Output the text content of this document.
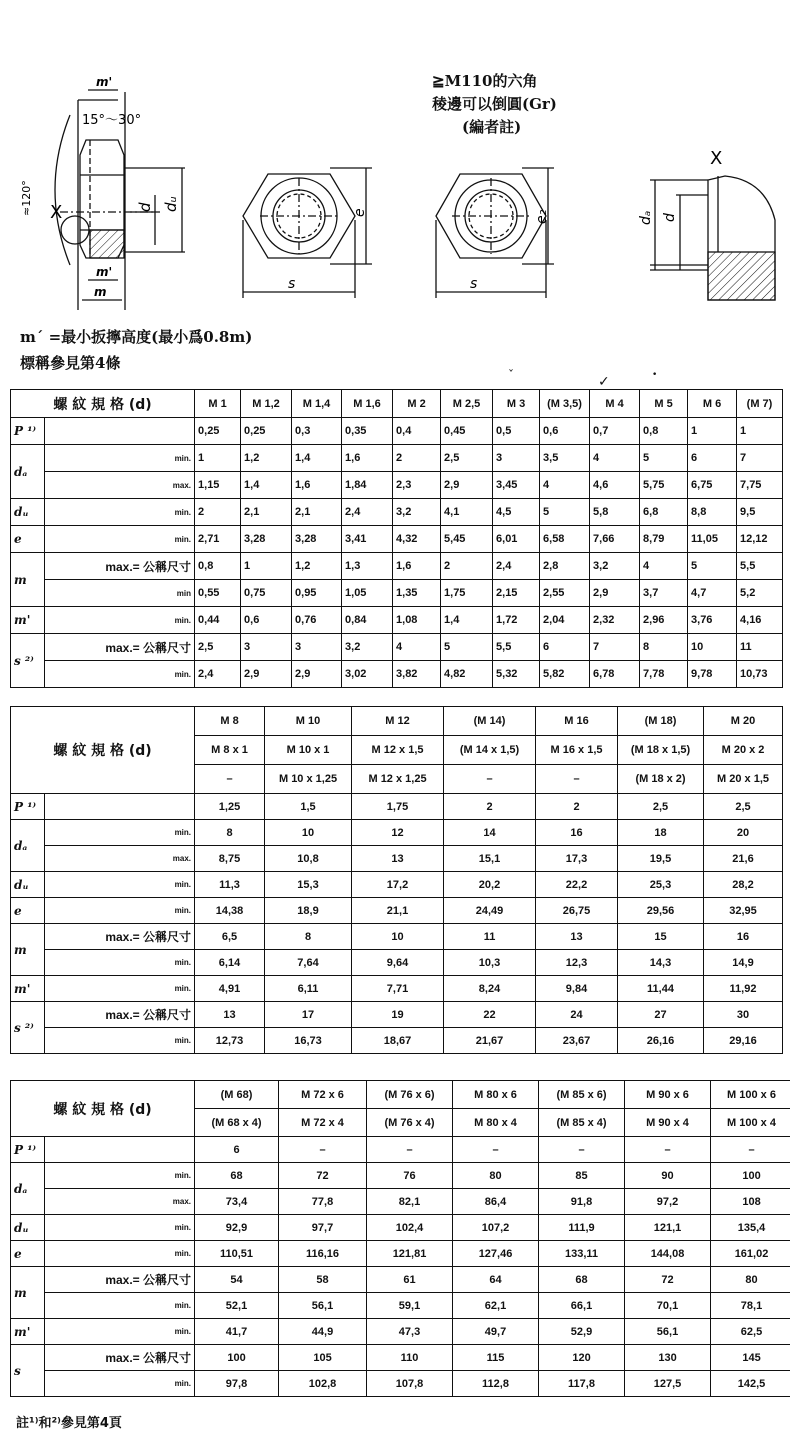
m'
15°～30°
≈120° X	d dᵤ
m'
m
e
s
e₂
s
X
dₐ d
≧M110的六角
稜邊可以倒圓(Gr)
(編者註)
m´ =最小扳擰高度(最小爲0.8m)
標稱參見第4條
ˇ	✓	•
螺 紋 規 格 (d)		M 1	M 1,2	M 1,4	M 1,6	M 2	M 2,5	M 3	(M 3,5)	M 4	M 5	M 6	(M 7)
P ¹⁾		0,25	0,25	0,3	0,35	0,4	0,45	0,5	0,6	0,7	0,8	1	1
dₐ	min.	1	1,2	1,4	1,6	2	2,5	3	3,5	4	5	6	7
	max.	1,15	1,4	1,6	1,84	2,3	2,9	3,45	4	4,6	5,75	6,75	7,75
dᵤ	min.	2	2,1	2,1	2,4	3,2	4,1	4,5	5	5,8	6,8	8,8	9,5
e	min.	2,71	3,28	3,28	3,41	4,32	5,45	6,01	6,58	7,66	8,79	11,05	12,12
m	max.= 公稱尺寸	0,8	1	1,2	1,3	1,6	2	2,4	2,8	3,2	4	5	5,5
	min	0,55	0,75	0,95	1,05	1,35	1,75	2,15	2,55	2,9	3,7	4,7	5,2
m'	min.	0,44	0,6	0,76	0,84	1,08	1,4	1,72	2,04	2,32	2,96	3,76	4,16
s ²⁾	max.= 公稱尺寸	2,5	3	3	3,2	4	5	5,5	6	7	8	10	11
	min.	2,4	2,9	2,9	3,02	3,82	4,82	5,32	5,82	6,78	7,78	9,78	10,73
螺 紋 規 格 (d)		M 8	M 10	M 12	(M 14)	M 16	(M 18)	M 20
		M 8 x 1	M 10 x 1	M 12 x 1,5	(M 14 x 1,5)	M 16 x 1,5	(M 18 x 1,5)	M 20 x 2
		–	M 10 x 1,25	M 12 x 1,25	–	–	(M 18 x 2)	M 20 x 1,5
P ¹⁾		1,25	1,5	1,75	2	2	2,5	2,5
dₐ	min.	8	10	12	14	16	18	20
	max.	8,75	10,8	13	15,1	17,3	19,5	21,6
dᵤ	min.	11,3	15,3	17,2	20,2	22,2	25,3	28,2
e	min.	14,38	18,9	21,1	24,49	26,75	29,56	32,95
m	max.= 公稱尺寸	6,5	8	10	11	13	15	16
	min.	6,14	7,64	9,64	10,3	12,3	14,3	14,9
m'	min.	4,91	6,11	7,71	8,24	9,84	11,44	11,92
s ²⁾	max.= 公稱尺寸	13	17	19	22	24	27	30
	min.	12,73	16,73	18,67	21,67	23,67	26,16	29,16
螺 紋 規 格 (d)		(M 68)	M 72 x 6	(M 76 x 6)	M 80 x 6	(M 85 x 6)	M 90 x 6	M 100 x 6
		(M 68 x 4)	M 72 x 4	(M 76 x 4)	M 80 x 4	(M 85 x 4)	M 90 x 4	M 100 x 4
P ¹⁾		6	–	–	–	–	–	–
dₐ	min.	68	72	76	80	85	90	100
	max.	73,4	77,8	82,1	86,4	91,8	97,2	108
dᵤ	min.	92,9	97,7	102,4	107,2	111,9	121,1	135,4
e	min.	110,51	116,16	121,81	127,46	133,11	144,08	161,02
m	max.= 公稱尺寸	54	58	61	64	68	72	80
	min.	52,1	56,1	59,1	62,1	66,1	70,1	78,1
m'	min.	41,7	44,9	47,3	49,7	52,9	56,1	62,5
s	max.= 公稱尺寸	100	105	110	115	120	130	145
	min.	97,8	102,8	107,8	112,8	117,8	127,5	142,5
註¹⁾和²⁾參見第4頁
